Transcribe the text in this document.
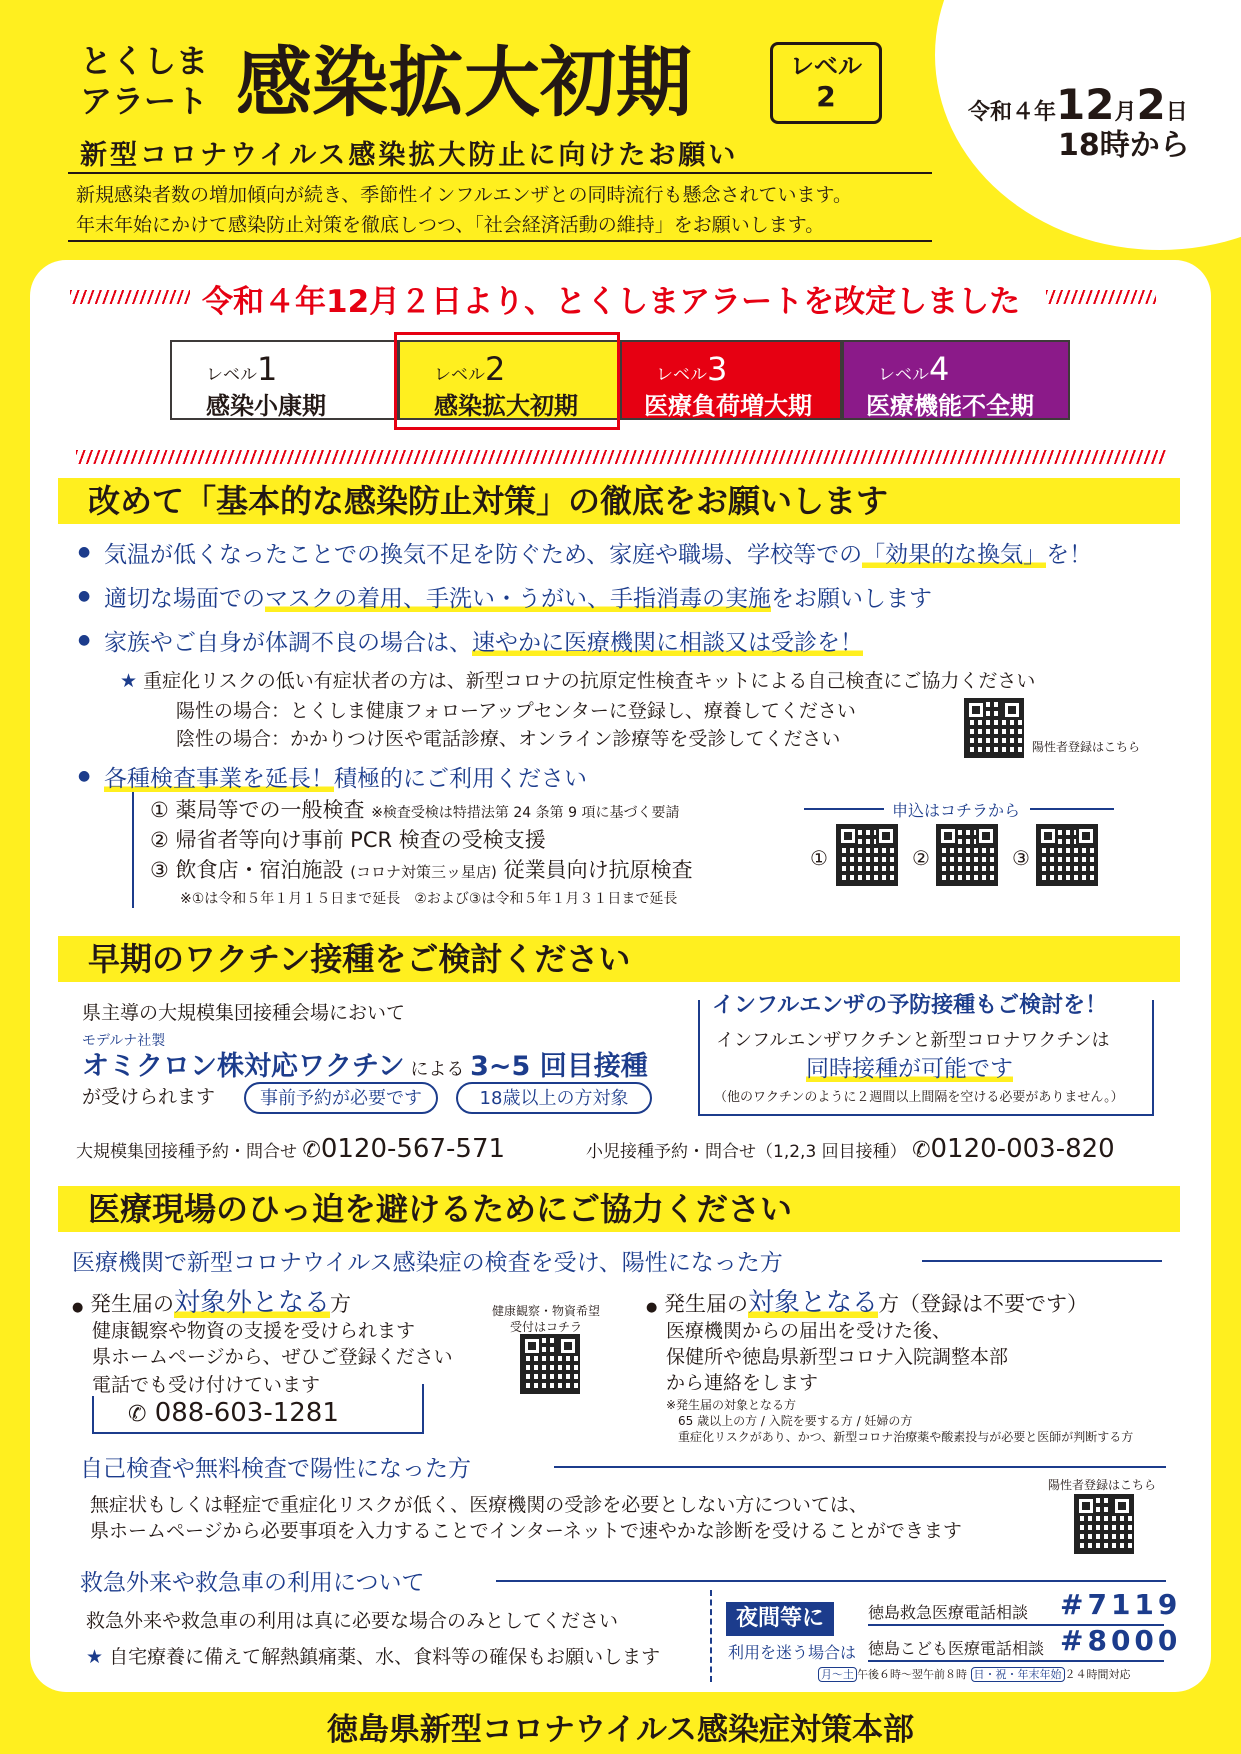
とくしま
アラート 感染拡大初期	レベル
2
新型コロナウイルス感染拡大防止に向けたお願い
新規感染者数の増加傾向が続き、季節性インフルエンザとの同時流行も懸念されています。
年末年始にかけて感染防止対策を徹底しつつ、「社会経済活動の維持」をお願いします。
令和４年12月2日
18時から
令和４年12月２日より、とくしまアラートを改定しました
レベル1
感染小康期
レベル2
感染拡大初期
レベル3
医療負荷増大期
レベル4
医療機能不全期
改めて「基本的な感染防止対策」の徹底をお願いします
● 気温が低くなったことでの換気不足を防ぐため、家庭や職場、学校等での「効果的な換気」を！
● 適切な場面でのマスクの着用、手洗い・うがい、手指消毒の実施をお願いします
● 家族やご自身が体調不良の場合は、速やかに医療機関に相談又は受診を！
★ 重症化リスクの低い有症状者の方は、新型コロナの抗原定性検査キットによる自己検査にご協力ください
陽性の場合：とくしま健康フォローアップセンターに登録し、療養してください
陰性の場合：かかりつけ医や電話診療、オンライン診療等を受診してください	陽性者登録はこちら
● 各種検査事業を延長！積極的にご利用ください
① 薬局等での一般検査 ※検査受検は特措法第 24 条第 9 項に基づく要請
② 帰省者等向け事前 PCR 検査の受検支援
③ 飲食店・宿泊施設 (コロナ対策三ッ星店) 従業員向け抗原検査
※①は令和５年１月１５日まで延長　②および③は令和５年１月３１日まで延長
申込はコチラから
①	②	③
早期のワクチン接種をご検討ください
県主導の大規模集団接種会場において
モデルナ社製
オミクロン株対応ワクチン による 3~5 回目接種
が受けられます	事前予約が必要です	18歳以上の方対象
インフルエンザの予防接種もご検討を！
インフルエンザワクチンと新型コロナワクチンは
同時接種が可能です
（他のワクチンのように２週間以上間隔を空ける必要がありません。）
大規模集団接種予約・問合せ ✆0120-567-571	小児接種予約・問合せ（1,2,3 回目接種） ✆0120-003-820
医療現場のひっ迫を避けるためにご協力ください
医療機関で新型コロナウイルス感染症の検査を受け、陽性になった方
● 発生届の対象外となる方
健康観察や物資の支援を受けられます
県ホームページから、ぜひご登録ください
電話でも受け付けています
✆ 088-603-1281
健康観察・物資希望
受付はコチラ
● 発生届の対象となる方（登録は不要です）
医療機関からの届出を受けた後、
保健所や徳島県新型コロナ入院調整本部
から連絡をします
※発生届の対象となる方
65 歳以上の方 / 入院を要する方 / 妊婦の方
重症化リスクがあり、かつ、新型コロナ治療薬や酸素投与が必要と医師が判断する方
自己検査や無料検査で陽性になった方
陽性者登録はこちら
無症状もしくは軽症で重症化リスクが低く、医療機関の受診を必要としない方については、
県ホームページから必要事項を入力することでインターネットで速やかな診断を受けることができます
救急外来や救急車の利用について
救急外来や救急車の利用は真に必要な場合のみとしてください
★ 自宅療養に備えて解熱鎮痛薬、水、食料等の確保もお願いします
夜間等に
利用を迷う場合は
徳島救急医療電話相談 #7119
徳島こども医療電話相談 #8000
月〜土 午後６時〜翌午前８時 日・祝・年末年始 ２４時間対応
徳島県新型コロナウイルス感染症対策本部
